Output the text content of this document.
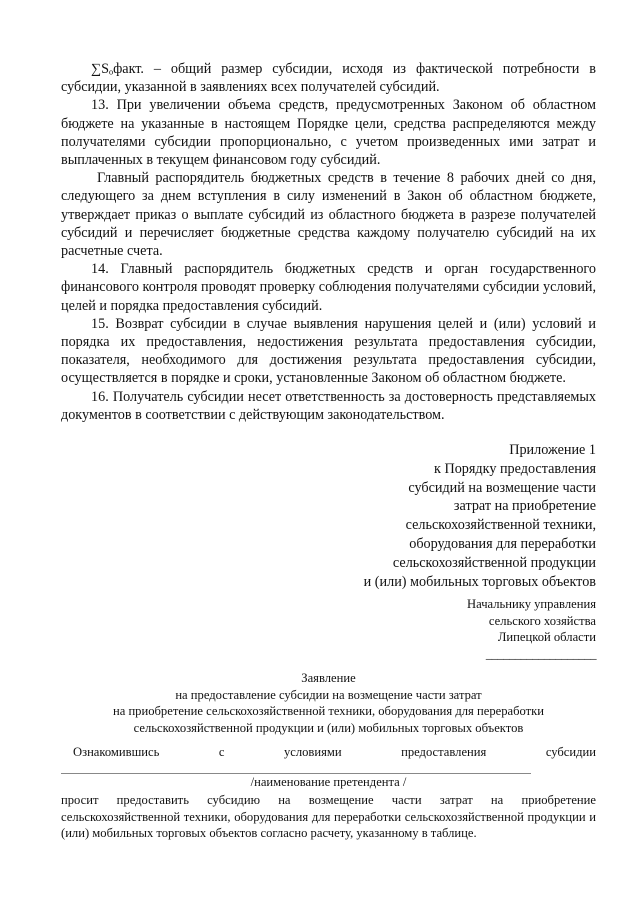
∑Sₒфакт. – общий размер субсидии, исходя из фактической потребности в субсидии, указанной в заявлениях всех получателей субсидий.

13. При увеличении объема средств, предусмотренных Законом об областном бюджете на указанные в настоящем Порядке цели, средства распределяются между получателями субсидии пропорционально, с учетом произведенных ими затрат и выплаченных в текущем финансовом году субсидий.

Главный распорядитель бюджетных средств в течение 8 рабочих дней со дня, следующего за днем вступления в силу изменений в Закон об областном бюджете, утверждает приказ о выплате субсидий из областного бюджета в разрезе получателей субсидий и перечисляет бюджетные средства каждому получателю субсидий на их расчетные счета.

14. Главный распорядитель бюджетных средств и орган государственного финансового контроля проводят проверку соблюдения получателями субсидии условий, целей и порядка предоставления субсидий.

15. Возврат субсидии в случае выявления нарушения целей и (или) условий и порядка их предоставления, недостижения результата предоставления субсидии, показателя, необходимого для достижения результата предоставления субсидии, осуществляется в порядке и сроки, установленные Законом об областном бюджете.

16. Получатель субсидии несет ответственность за достоверность представляемых документов в соответствии с действующим законодательством.

Приложение 1
к Порядку предоставления
субсидий на возмещение части
затрат на приобретение
сельскохозяйственной техники,
оборудования для переработки
сельскохозяйственной продукции
и (или) мобильных торговых объектов
Начальнику управления
сельского хозяйства
Липецкой области
___________________
Заявление
на предоставление субсидии на возмещение части затрат
на приобретение сельскохозяйственной техники, оборудования для переработки
сельскохозяйственной продукции и (или) мобильных торговых объектов
Ознакомившись	с	условиями	предоставления	субсидии
/наименование претендента /

просит предоставить субсидию на возмещение части затрат на приобретение сельскохозяйственной техники, оборудования для переработки сельскохозяйственной продукции и (или) мобильных торговых объектов согласно расчету, указанному в таблице.
